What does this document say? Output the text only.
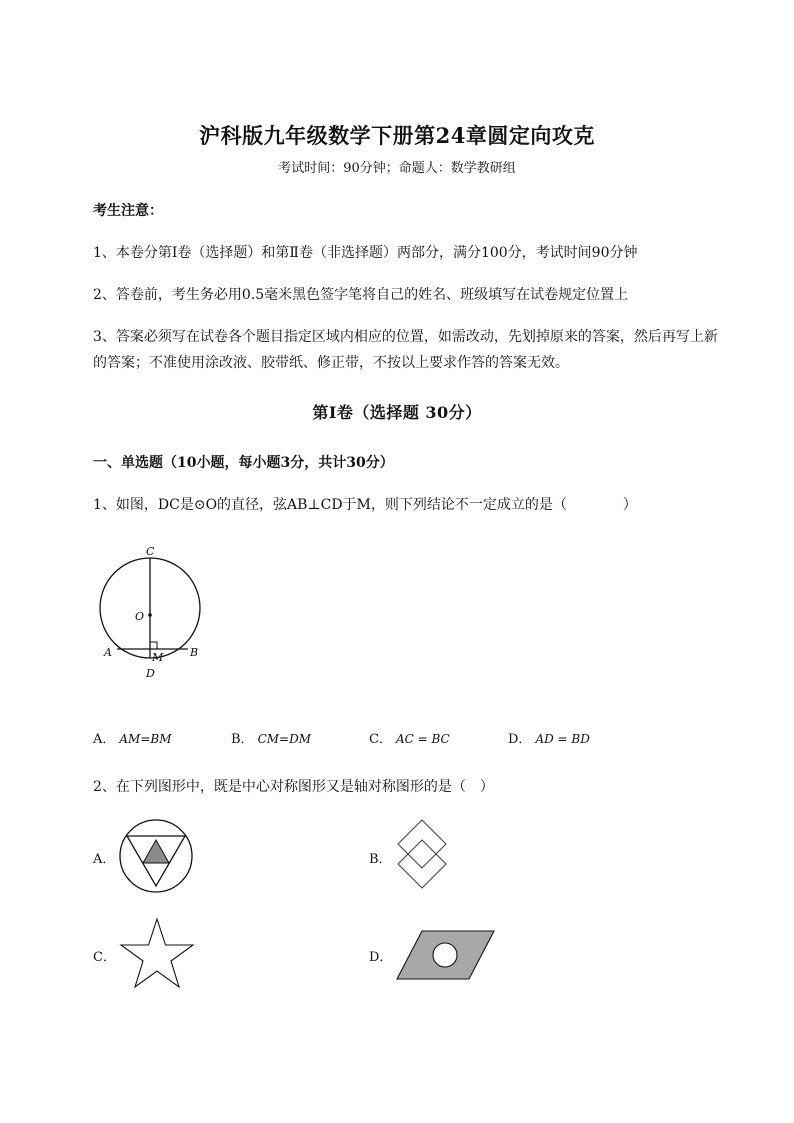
沪科版九年级数学下册第24章圆定向攻克
考试时间：90分钟；命题人：数学教研组
考生注意：
1、本卷分第I卷（选择题）和第Ⅱ卷（非选择题）两部分，满分100分，考试时间90分钟
2、答卷前，考生务必用0.5毫米黑色签字笔将自己的姓名、班级填写在试卷规定位置上
3、答案必须写在试卷各个题目指定区域内相应的位置，如需改动，先划掉原来的答案，然后再写上新
的答案；不准使用涂改液、胶带纸、修正带，不按以上要求作答的答案无效。
第I卷（选择题 30分）
一、单选题（10小题，每小题3分，共计30分）
1、如图，DC是⊙O的直径，弦AB⊥CD于M，则下列结论不一定成立的是（　　　　）
C
O
A	B
M
D
A． AM=BM	B． CM=DM	C． AC = BC	D． AD = BD
2、在下列图形中，既是中心对称图形又是轴对称图形的是（　）
A．	B．
C．	D．
